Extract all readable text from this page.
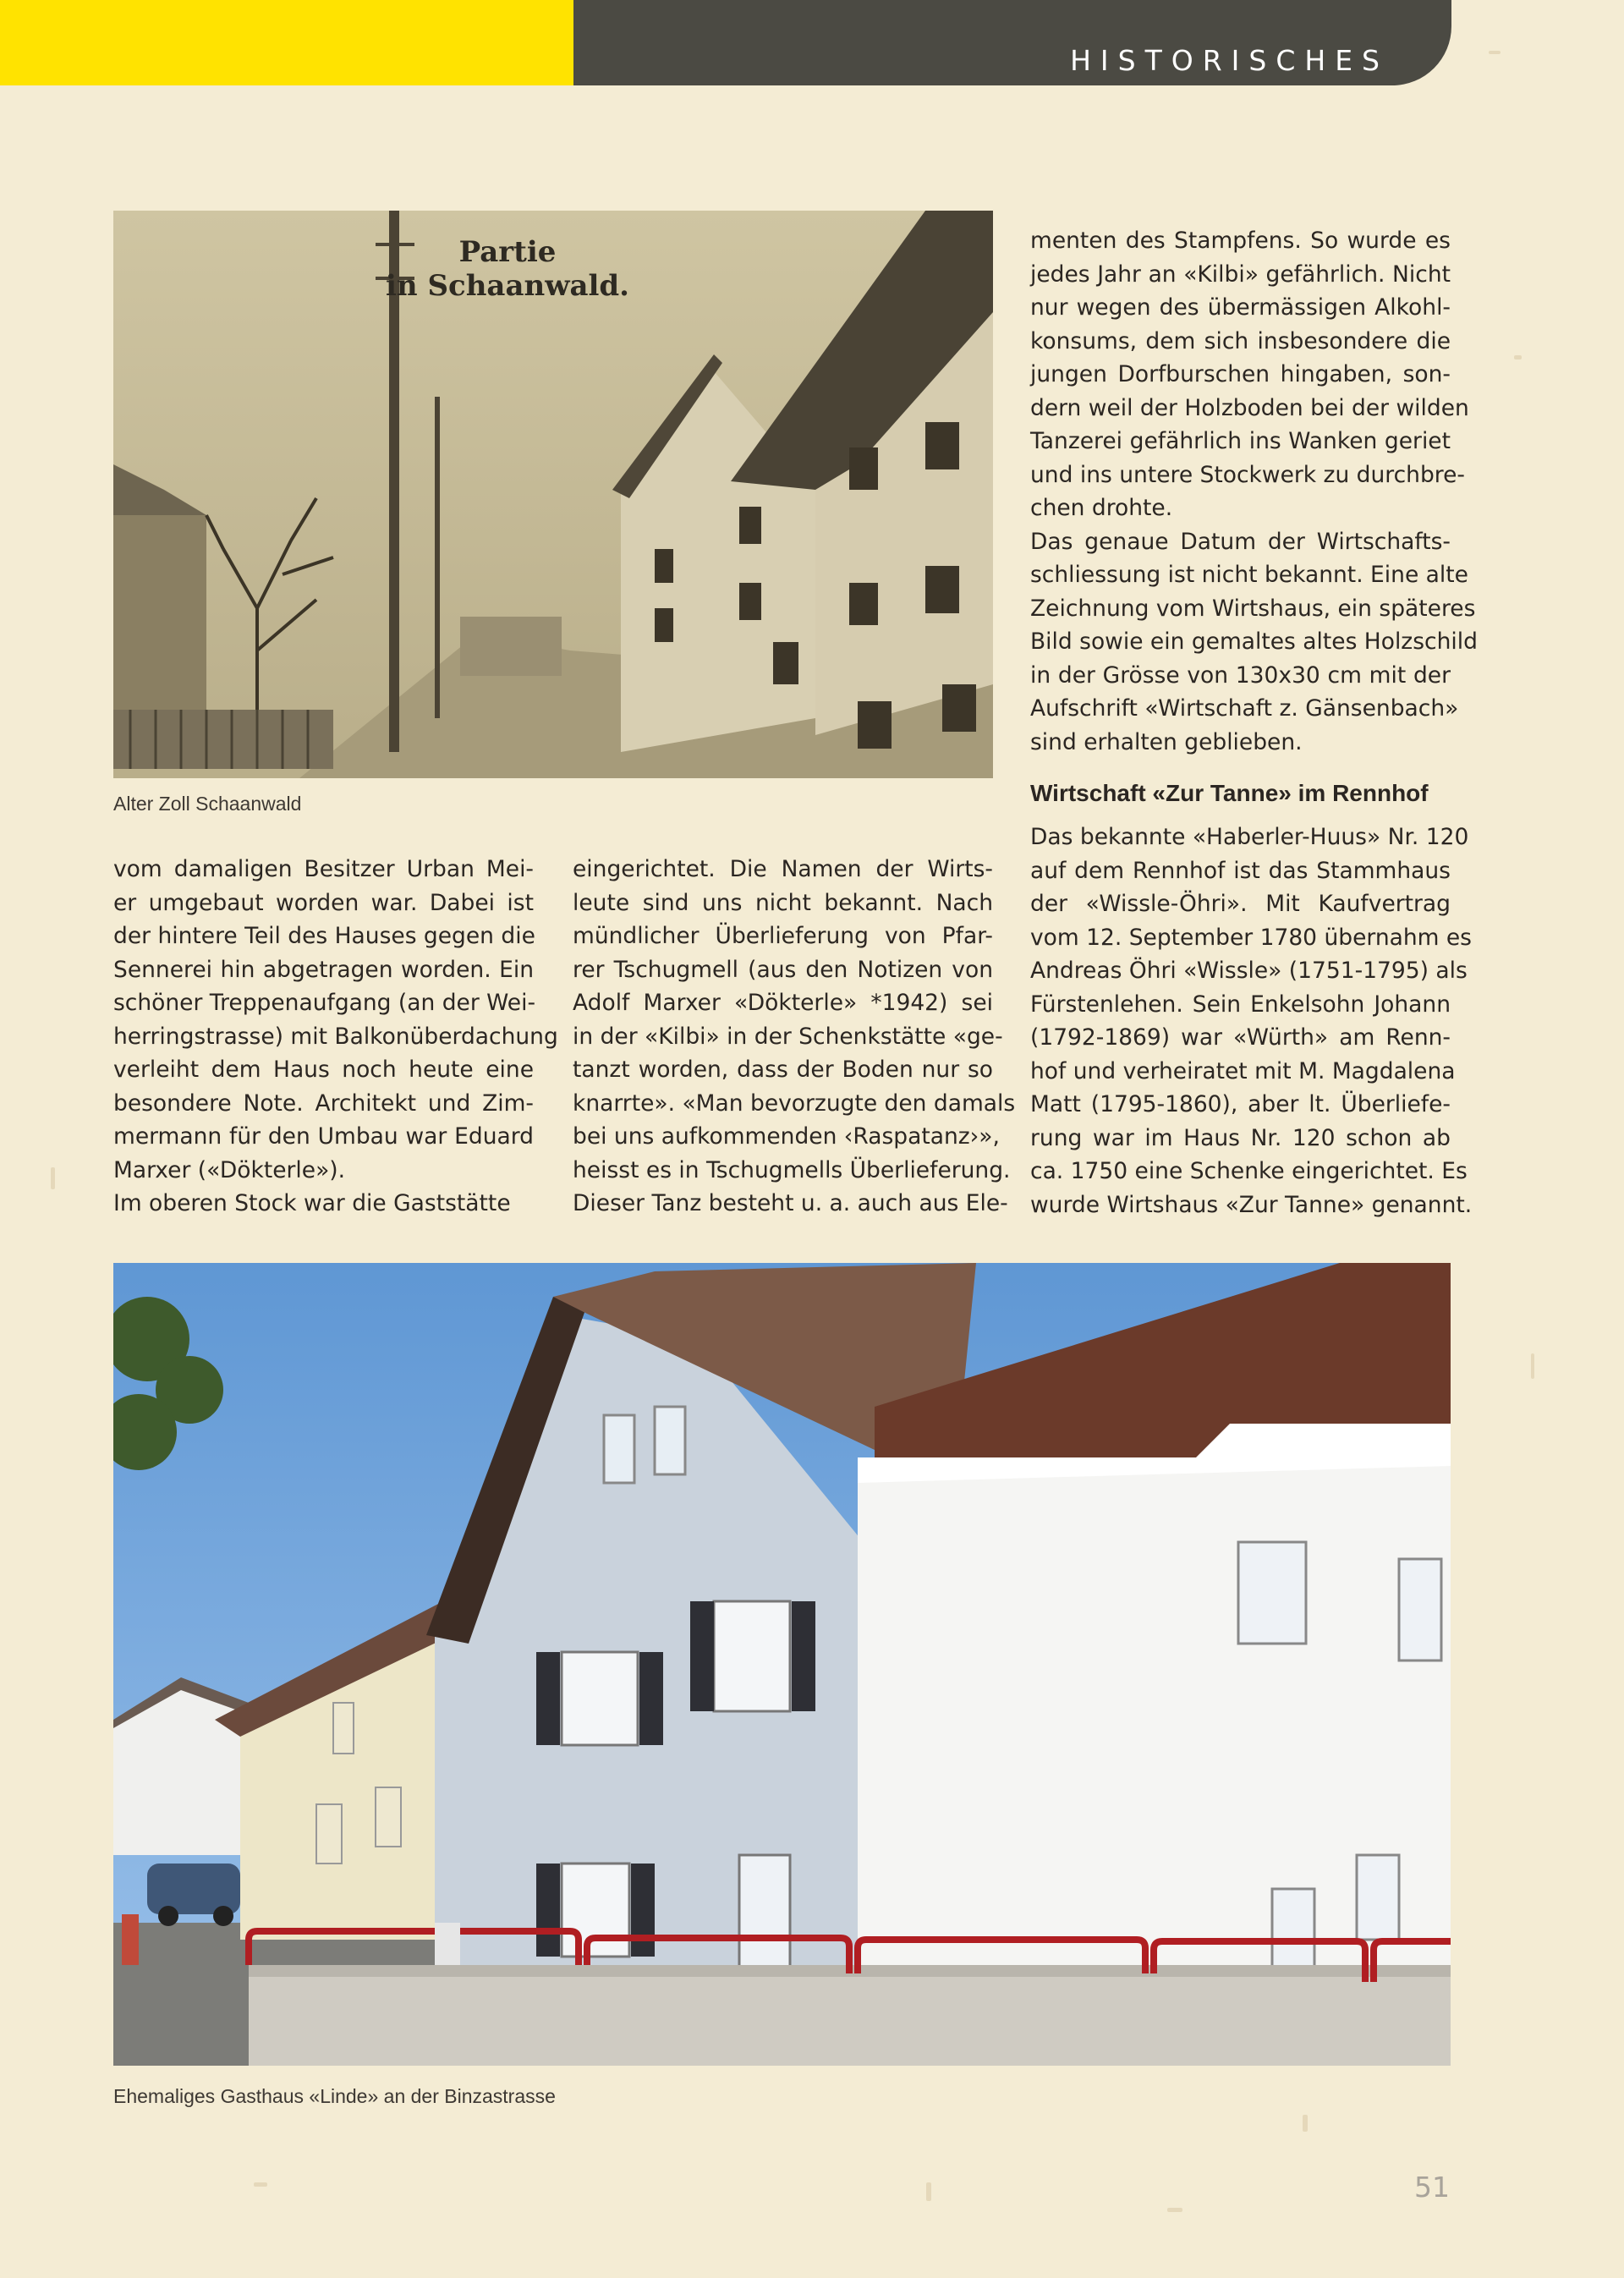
HISTORISCHES
Partie
in Schaanwald.
Alter Zoll Schaanwald
menten des Stampfens. So wurde es
jedes Jahr an «Kilbi» gefährlich. Nicht
nur wegen des übermässigen Alkohl-
konsums, dem sich insbesondere die
jungen Dorfburschen hingaben, son-
dern weil der Holzboden bei der wilden
Tanzerei gefährlich ins Wanken geriet
und ins untere Stockwerk zu durchbre-
chen drohte.
Das genaue Datum der Wirtschafts-
schliessung ist nicht bekannt. Eine alte
Zeichnung vom Wirtshaus, ein späteres
Bild sowie ein gemaltes altes Holzschild
in der Grösse von 130x30 cm mit der
Aufschrift «Wirtschaft z. Gänsenbach»
sind erhalten geblieben.
Wirtschaft «Zur Tanne» im Rennhof
vom damaligen Besitzer Urban Mei-
er umgebaut worden war. Dabei ist
der hintere Teil des Hauses gegen die
Sennerei hin abgetragen worden. Ein
schöner Treppenaufgang (an der Wei-
herringstrasse) mit Balkonüberdachung
verleiht dem Haus noch heute eine
besondere Note. Architekt und Zim-
mermann für den Umbau war Eduard
Marxer («Dökterle»).
Im oberen Stock war die Gaststätte
eingerichtet. Die Namen der Wirts-
leute sind uns nicht bekannt. Nach
mündlicher Überlieferung von Pfar-
rer Tschugmell (aus den Notizen von
Adolf Marxer «Dökterle» *1942) sei
in der «Kilbi» in der Schenkstätte «ge-
tanzt worden, dass der Boden nur so
knarrte». «Man bevorzugte den damals
bei uns aufkommenden ‹Raspatanz›»,
heisst es in Tschugmells Überlieferung.
Dieser Tanz besteht u. a. auch aus Ele-
Das bekannte «Haberler-Huus» Nr. 120
auf dem Rennhof ist das Stammhaus
der «Wissle-Öhri». Mit Kaufvertrag
vom 12. September 1780 übernahm es
Andreas Öhri «Wissle» (1751-1795) als
Fürstenlehen. Sein Enkelsohn Johann
(1792-1869) war «Würth» am Renn-
hof und verheiratet mit M. Magdalena
Matt (1795-1860), aber lt. Überliefe-
rung war im Haus Nr. 120 schon ab
ca. 1750 eine Schenke eingerichtet. Es
wurde Wirtshaus «Zur Tanne» genannt.
Ehemaliges Gasthaus «Linde» an der Binzastrasse
51
